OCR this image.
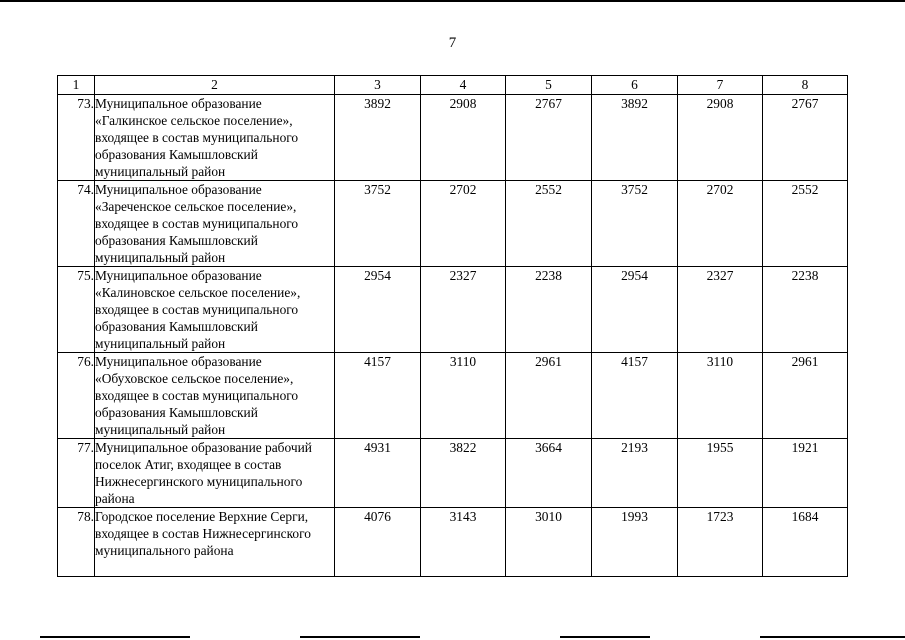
7
1	2	3	4	5	6	7	8
73.	Муниципальное образование «Галкинское сельское поселение», входящее в состав муниципального образования Камышловский муниципальный район	3892	2908	2767	3892	2908	2767
74.	Муниципальное образование «Зареченское сельское поселение», входящее в состав муниципального образования Камышловский муниципальный район	3752	2702	2552	3752	2702	2552
75.	Муниципальное образование «Калиновское сельское поселение», входящее в состав муниципального образования Камышловский муниципальный район	2954	2327	2238	2954	2327	2238
76.	Муниципальное образование «Обуховское сельское поселение», входящее в состав муниципального образования Камышловский муниципальный район	4157	3110	2961	4157	3110	2961
77.	Муниципальное образование рабочий поселок Атиг, входящее в состав Нижнесергинского муниципального района	4931	3822	3664	2193	1955	1921
78.	Городское поселение Верхние Серги, входящее в состав Нижнесергинского муниципального района	4076	3143	3010	1993	1723	1684
